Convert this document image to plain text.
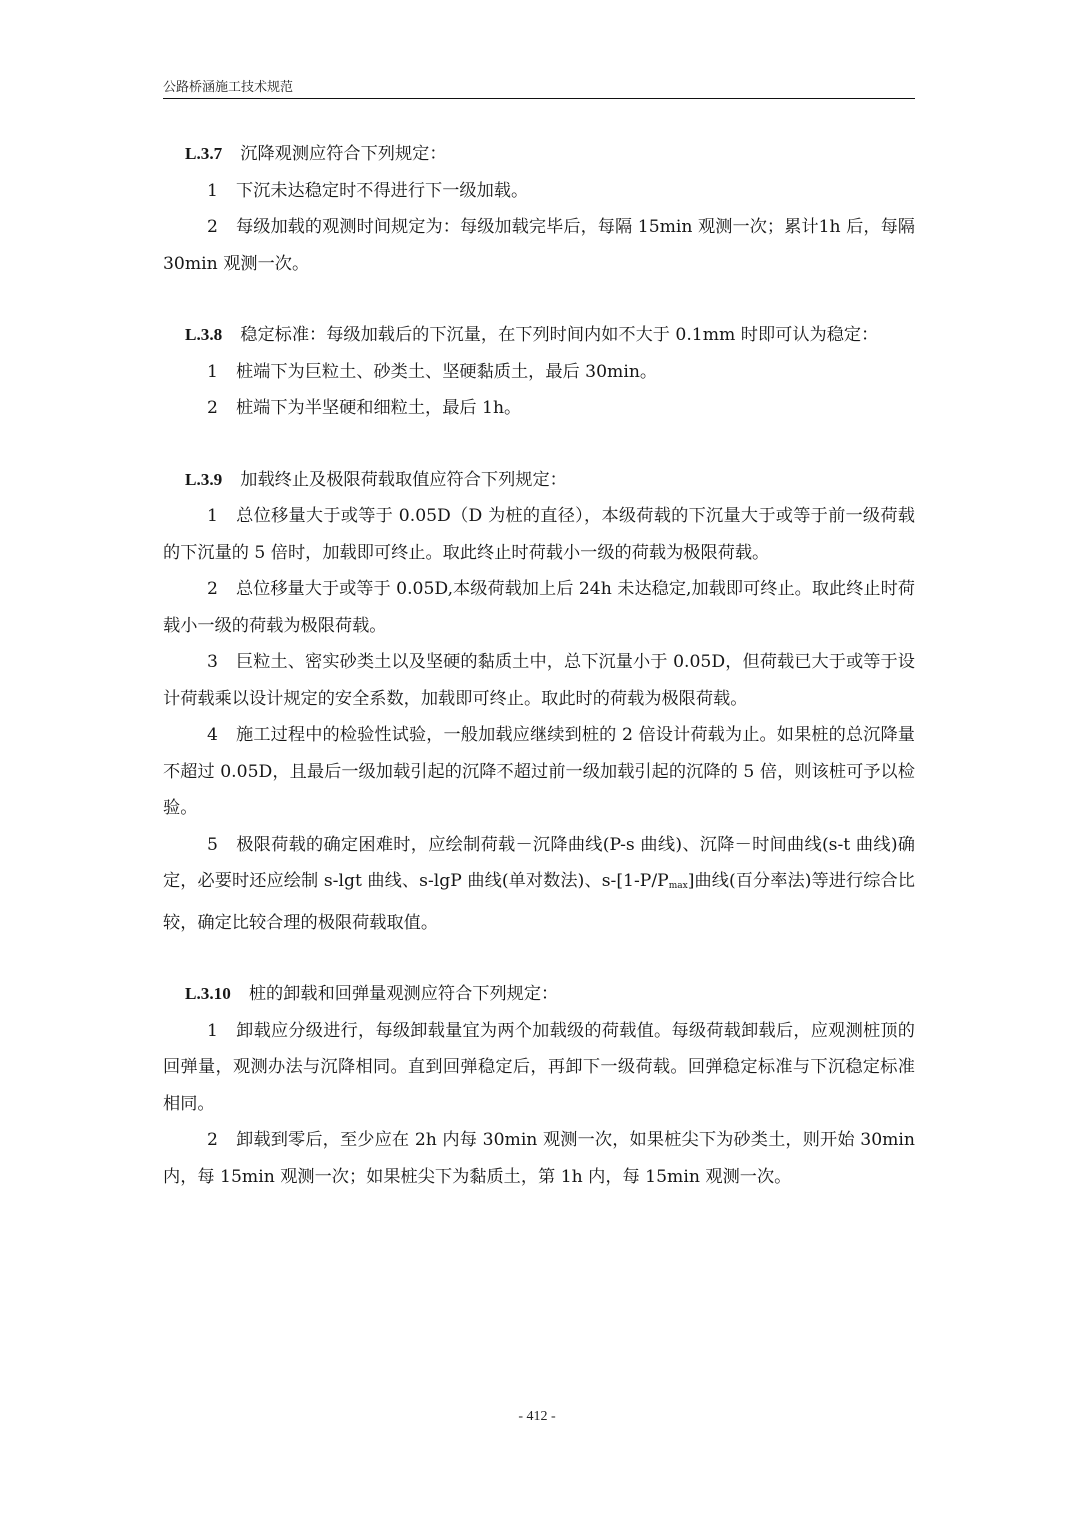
公路桥涵施工技术规范
L.3.7 沉降观测应符合下列规定：
1 下沉未达稳定时不得进行下一级加载。
2 每级加载的观测时间规定为：每级加载完毕后，每隔 15min 观测一次；累计1h 后，每隔 30min 观测一次。
L.3.8 稳定标准：每级加载后的下沉量，在下列时间内如不大于 0.1mm 时即可认为稳定：
1 桩端下为巨粒土、砂类土、坚硬黏质土，最后 30min。
2 桩端下为半坚硬和细粒土，最后 1h。
L.3.9 加载终止及极限荷载取值应符合下列规定：
1 总位移量大于或等于 0.05D（D 为桩的直径），本级荷载的下沉量大于或等于前一级荷载的下沉量的 5 倍时，加载即可终止。取此终止时荷载小一级的荷载为极限荷载。
2 总位移量大于或等于 0.05D,本级荷载加上后 24h 未达稳定,加载即可终止。取此终止时荷载小一级的荷载为极限荷载。
3 巨粒土、密实砂类土以及坚硬的黏质土中，总下沉量小于 0.05D，但荷载已大于或等于设计荷载乘以设计规定的安全系数，加载即可终止。取此时的荷载为极限荷载。
4 施工过程中的检验性试验，一般加载应继续到桩的 2 倍设计荷载为止。如果桩的总沉降量不超过 0.05D，且最后一级加载引起的沉降不超过前一级加载引起的沉降的 5 倍，则该桩可予以检验。
5 极限荷载的确定困难时，应绘制荷载－沉降曲线(P-s 曲线)、沉降－时间曲线(s-t 曲线)确定，必要时还应绘制 s-lgt 曲线、s-lgP 曲线(单对数法)、$s-[1-P/P_{max}]$曲线(百分率法)等进行综合比较，确定比较合理的极限荷载取值。
L.3.10 桩的卸载和回弹量观测应符合下列规定：
1 卸载应分级进行，每级卸载量宜为两个加载级的荷载值。每级荷载卸载后，应观测桩顶的回弹量，观测办法与沉降相同。直到回弹稳定后，再卸下一级荷载。回弹稳定标准与下沉稳定标准相同。
2 卸载到零后，至少应在 2h 内每 30min 观测一次，如果桩尖下为砂类土，则开始 30min 内，每 15min 观测一次；如果桩尖下为黏质土，第 1h 内，每 15min 观测一次。
- 412 -
